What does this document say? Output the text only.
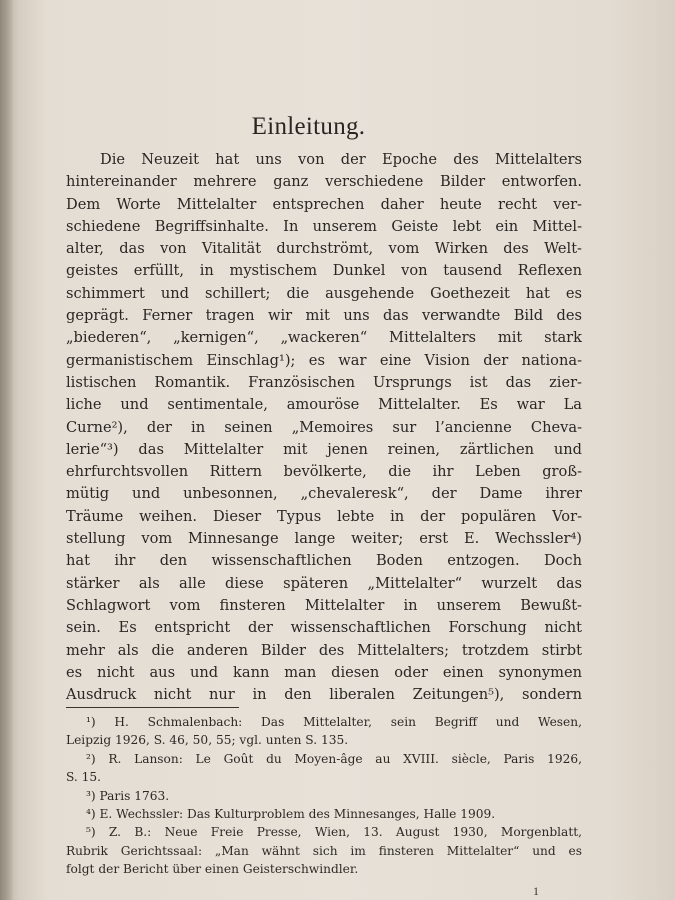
Einleitung.
Die Neuzeit hat uns von der Epoche des Mittelalters
hintereinander mehrere ganz verschiedene Bilder entworfen.
Dem Worte Mittelalter entsprechen daher heute recht ver-
schiedene Begriffsinhalte. In unserem Geiste lebt ein Mittel-
alter, das von Vitalität durchströmt, vom Wirken des Welt-
geistes erfüllt, in mystischem Dunkel von tausend Reflexen
schimmert und schillert; die ausgehende Goethezeit hat es
geprägt. Ferner tragen wir mit uns das verwandte Bild des
„biederen“, „kernigen“, „wackeren“ Mittelalters mit stark
germanistischem Einschlag¹); es war eine Vision der nationa-
listischen Romantik. Französischen Ursprungs ist das zier-
liche und sentimentale, amouröse Mittelalter. Es war La
Curne²), der in seinen „Memoires sur l’ancienne Cheva-
lerie“³) das Mittelalter mit jenen reinen, zärtlichen und
ehrfurchtsvollen Rittern bevölkerte, die ihr Leben groß-
mütig und unbesonnen, „chevaleresk“, der Dame ihrer
Träume weihen. Dieser Typus lebte in der populären Vor-
stellung vom Minnesange lange weiter; erst E. Wechssler⁴)
hat ihr den wissenschaftlichen Boden entzogen. Doch
stärker als alle diese späteren „Mittelalter“ wurzelt das
Schlagwort vom finsteren Mittelalter in unserem Bewußt-
sein. Es entspricht der wissenschaftlichen Forschung nicht
mehr als die anderen Bilder des Mittelalters; trotzdem stirbt
es nicht aus und kann man diesen oder einen synonymen
Ausdruck nicht nur in den liberalen Zeitungen⁵), sondern
¹) H. Schmalenbach: Das Mittelalter, sein Begriff und Wesen,
Leipzig 1926, S. 46, 50, 55; vgl. unten S. 135.
²) R. Lanson: Le Goût du Moyen-âge au XVIII. siècle, Paris 1926,
S. 15.
³) Paris 1763.
⁴) E. Wechssler: Das Kulturproblem des Minnesanges, Halle 1909.
⁵) Z. B.: Neue Freie Presse, Wien, 13. August 1930, Morgenblatt,
Rubrik Gerichtssaal: „Man wähnt sich im finsteren Mittelalter“ und es
folgt der Bericht über einen Geisterschwindler.
1
